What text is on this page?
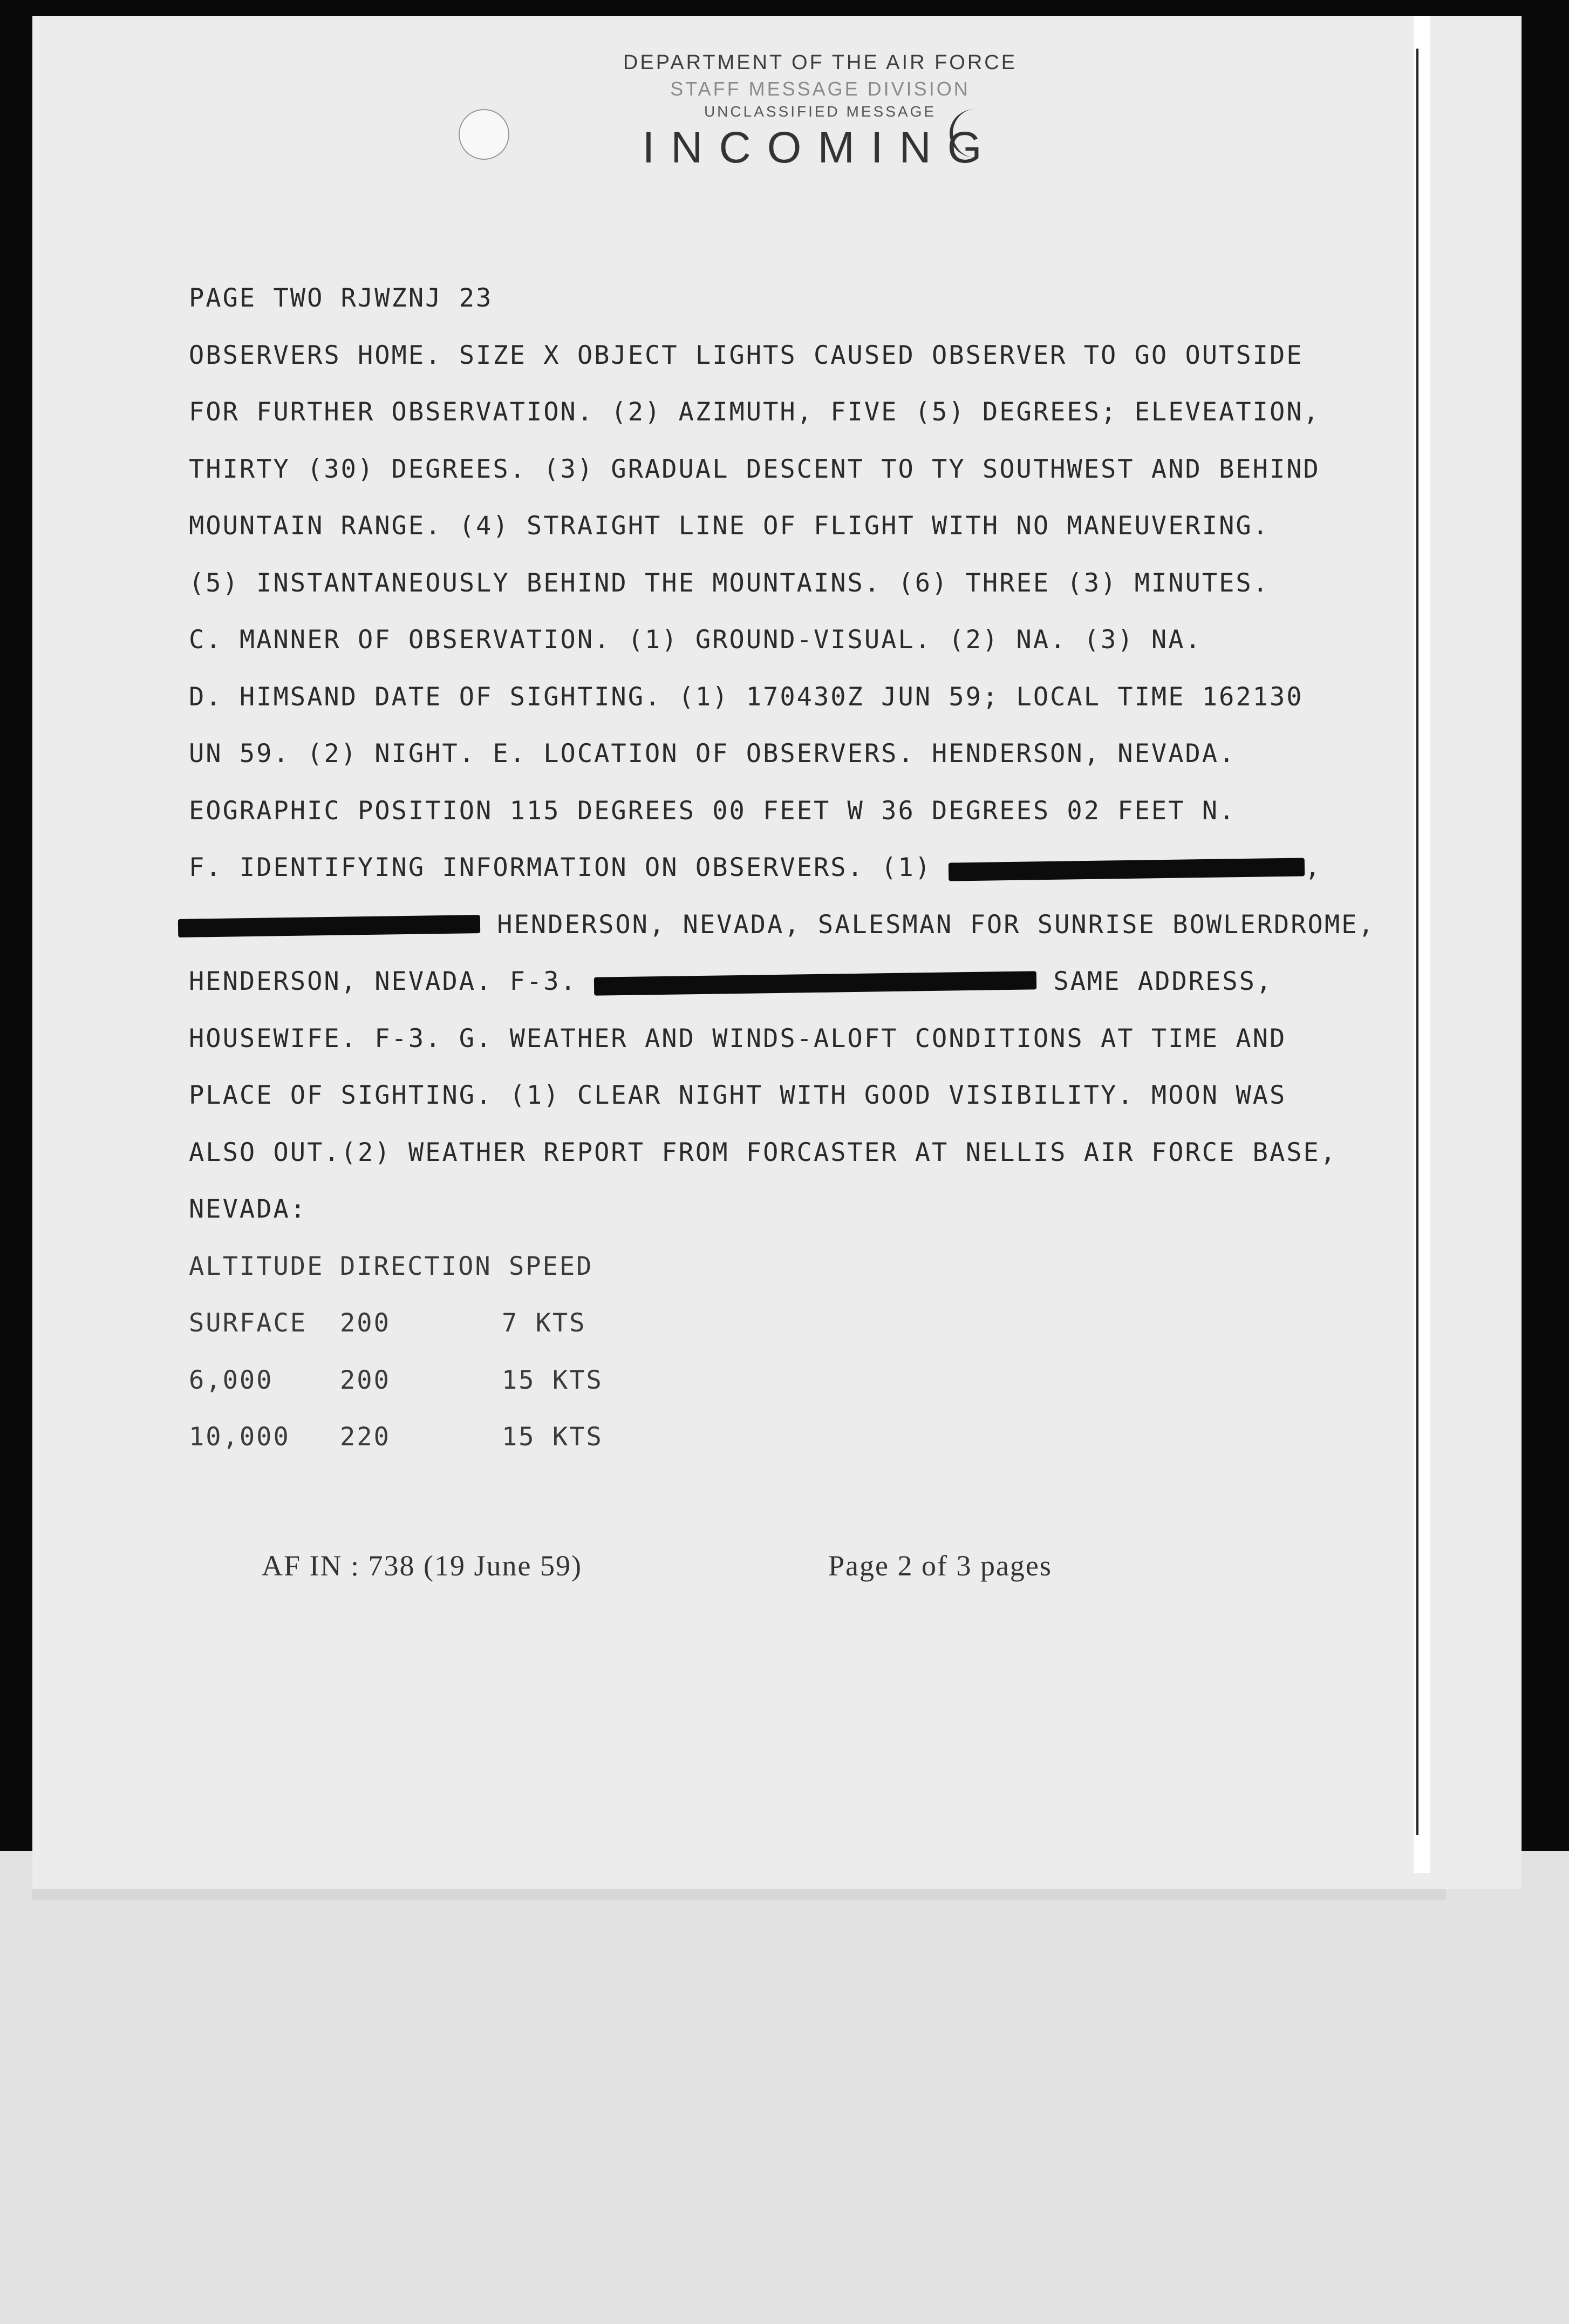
DEPARTMENT OF THE AIR FORCE
STAFF MESSAGE DIVISION
UNCLASSIFIED MESSAGE
INCOMING
PAGE TWO RJWZNJ 23
OBSERVERS HOME. SIZE X OBJECT LIGHTS CAUSED OBSERVER TO GO OUTSIDE
FOR FURTHER OBSERVATION. (2) AZIMUTH, FIVE (5) DEGREES; ELEVEATION,
THIRTY (30) DEGREES. (3) GRADUAL DESCENT TO TY SOUTHWEST AND BEHIND
MOUNTAIN RANGE. (4) STRAIGHT LINE OF FLIGHT WITH NO MANEUVERING.
(5) INSTANTANEOUSLY BEHIND THE MOUNTAINS. (6) THREE (3) MINUTES.
C. MANNER OF OBSERVATION. (1) GROUND-VISUAL. (2) NA. (3) NA.
D. HIMSAND DATE OF SIGHTING. (1) 170430Z JUN 59; LOCAL TIME 162130
UN 59. (2) NIGHT. E. LOCATION OF OBSERVERS. HENDERSON, NEVADA.
EOGRAPHIC POSITION 115 DEGREES 00 FEET W 36 DEGREES 02 FEET N.
F. IDENTIFYING INFORMATION ON OBSERVERS. (1)	,
HENDERSON, NEVADA, SALESMAN FOR SUNRISE BOWLERDROME,
HENDERSON, NEVADA. F-3.	SAME ADDRESS,
HOUSEWIFE. F-3. G. WEATHER AND WINDS-ALOFT CONDITIONS AT TIME AND
PLACE OF SIGHTING. (1) CLEAR NIGHT WITH GOOD VISIBILITY. MOON WAS
ALSO OUT.(2) WEATHER REPORT FROM FORCASTER AT NELLIS AIR FORCE BASE,
NEVADA:
ALTITUDE DIRECTION SPEED
SURFACE 200	7 KTS
6,000	200	15 KTS
10,000 220	15 KTS
AF IN : 738 (19 June 59)	Page 2 of 3 pages
